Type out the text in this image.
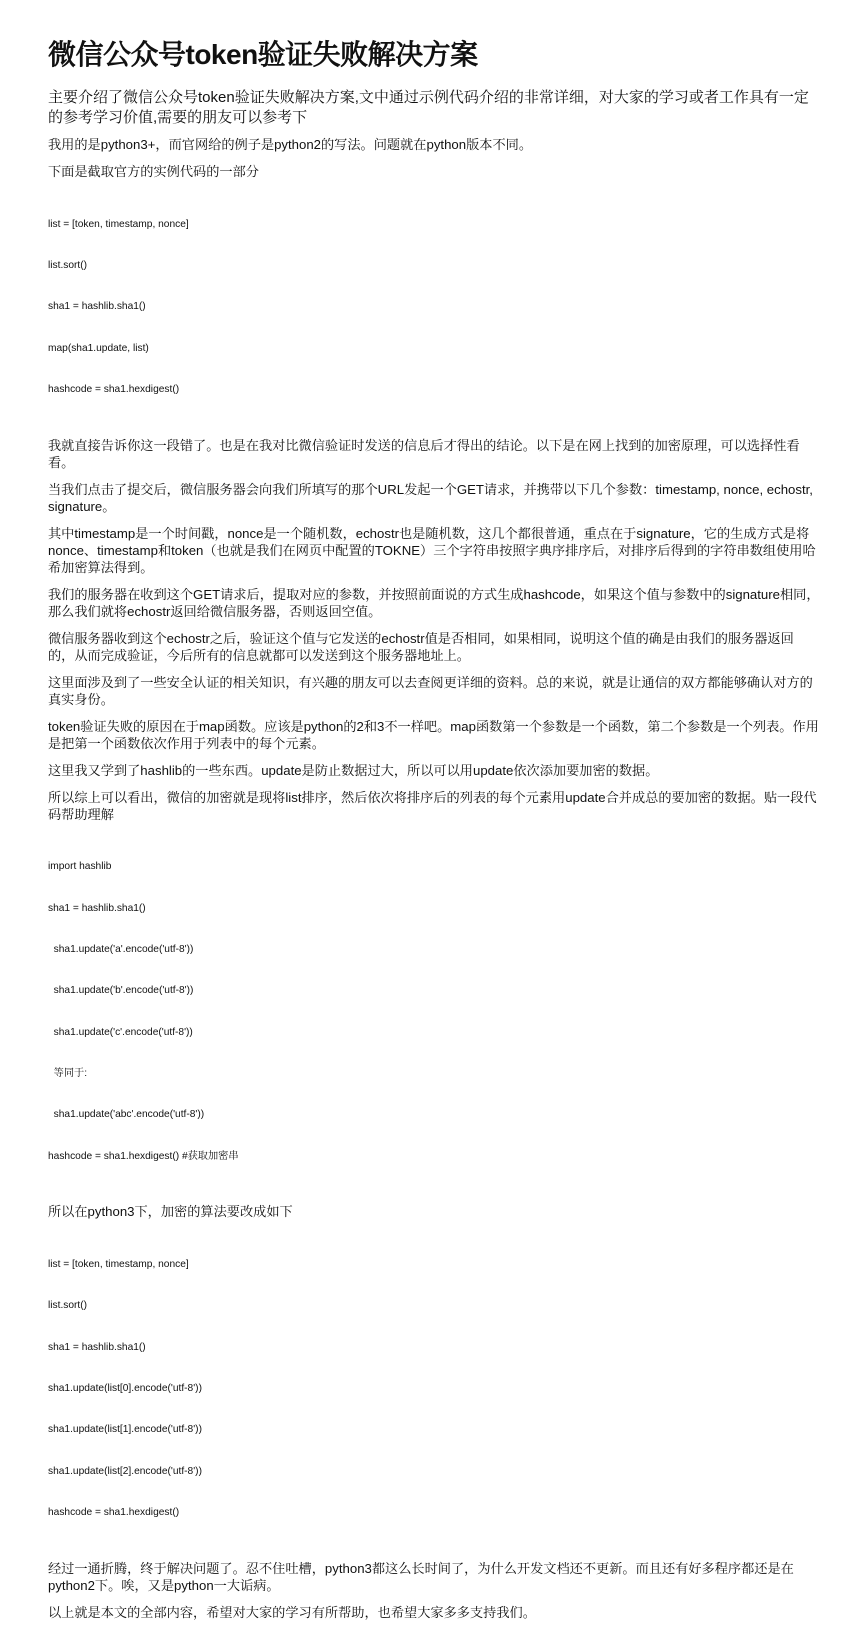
微信公众号token验证失败解决方案

主要介绍了微信公众号token验证失败解决方案,文中通过示例代码介绍的非常详细，对大家的学习或者工作具有一定的参考学习价值,需要的朋友可以参考下

我用的是python3+，而官网给的例子是python2的写法。问题就在python版本不同。

下面是截取官方的实例代码的一部分

list = [token, timestamp, nonce]

list.sort()

sha1 = hashlib.sha1()

map(sha1.update, list)

hashcode = sha1.hexdigest()

我就直接告诉你这一段错了。也是在我对比微信验证时发送的信息后才得出的结论。以下是在网上找到的加密原理，可以选择性看看。

当我们点击了提交后，微信服务器会向我们所填写的那个URL发起一个GET请求，并携带以下几个参数：timestamp, nonce, echostr, signature。

其中timestamp是一个时间戳，nonce是一个随机数，echostr也是随机数，这几个都很普通，重点在于signature，它的生成方式是将nonce、timestamp和token（也就是我们在网页中配置的TOKNE）三个字符串按照字典序排序后，对排序后得到的字符串数组使用哈希加密算法得到。

我们的服务器在收到这个GET请求后，提取对应的参数，并按照前面说的方式生成hashcode，如果这个值与参数中的signature相同，那么我们就将echostr返回给微信服务器，否则返回空值。

微信服务器收到这个echostr之后，验证这个值与它发送的echostr值是否相同，如果相同，说明这个值的确是由我们的服务器返回的，从而完成验证，今后所有的信息就都可以发送到这个服务器地址上。

这里面涉及到了一些安全认证的相关知识，有兴趣的朋友可以去查阅更详细的资料。总的来说，就是让通信的双方都能够确认对方的真实身份。

token验证失败的原因在于map函数。应该是python的2和3不一样吧。map函数第一个参数是一个函数，第二个参数是一个列表。作用是把第一个函数依次作用于列表中的每个元素。

这里我又学到了hashlib的一些东西。update是防止数据过大，所以可以用update依次添加要加密的数据。

所以综上可以看出，微信的加密就是现将list排序，然后依次将排序后的列表的每个元素用update合并成总的要加密的数据。贴一段代码帮助理解

import hashlib

sha1 = hashlib.sha1()

sha1.update('a'.encode('utf-8'))

sha1.update('b'.encode('utf-8'))

sha1.update('c'.encode('utf-8'))

等同于:

sha1.update('abc'.encode('utf-8'))

hashcode = sha1.hexdigest() #获取加密串

所以在python3下，加密的算法要改成如下

list = [token, timestamp, nonce]

list.sort()

sha1 = hashlib.sha1()

sha1.update(list[0].encode('utf-8'))

sha1.update(list[1].encode('utf-8'))

sha1.update(list[2].encode('utf-8'))

hashcode = sha1.hexdigest()

经过一通折腾，终于解决问题了。忍不住吐槽，python3都这么长时间了，为什么开发文档还不更新。而且还有好多程序都还是在python2下。唉，又是python一大诟病。

以上就是本文的全部内容，希望对大家的学习有所帮助，也希望大家多多支持我们。
